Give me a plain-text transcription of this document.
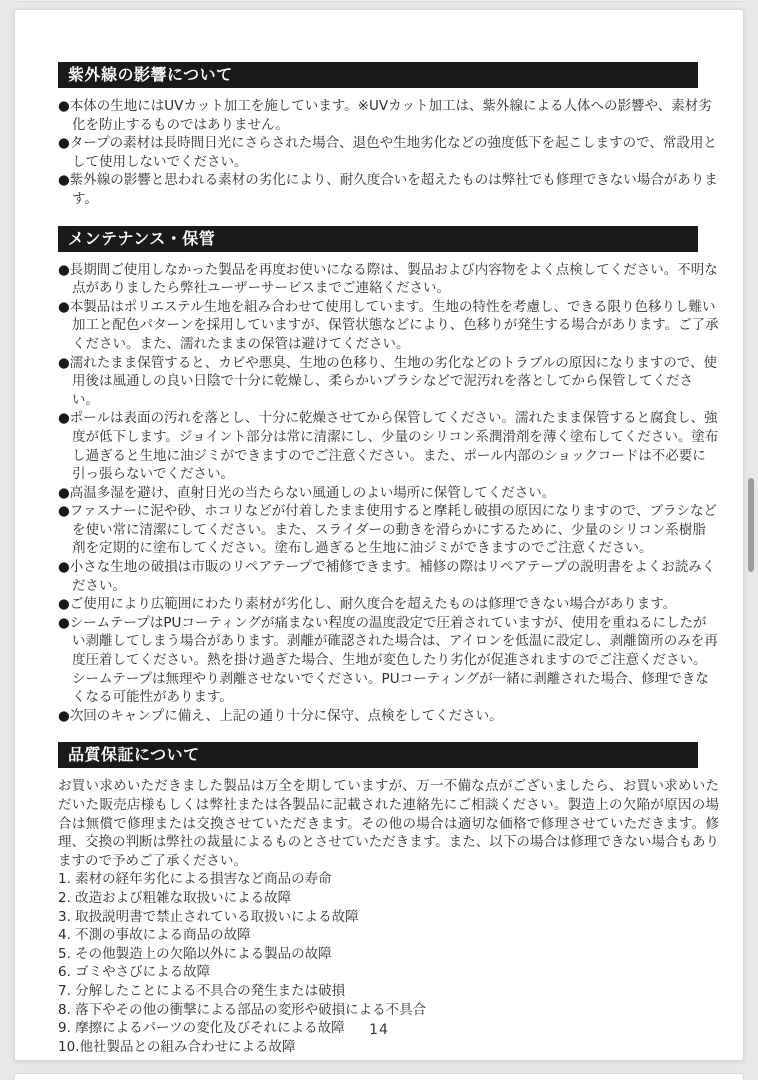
紫外線の影響について
●本体の生地にはUVカット加工を施しています。※UVカット加工は、紫外線による人体への影響や、素材劣化を防止するものではありません。
●タープの素材は長時間日光にさらされた場合、退色や生地劣化などの強度低下を起こしますので、常設用として使用しないでください。
●紫外線の影響と思われる素材の劣化により、耐久度合いを超えたものは弊社でも修理できない場合があります。
メンテナンス・保管
●長期間ご使用しなかった製品を再度お使いになる際は、製品および内容物をよく点検してください。不明な点がありましたら弊社ユーザーサービスまでご連絡ください。
●本製品はポリエステル生地を組み合わせて使用しています。生地の特性を考慮し、できる限り色移りし難い加工と配色パターンを採用していますが、保管状態などにより、色移りが発生する場合があります。ご了承ください。また、濡れたままの保管は避けてください。
●濡れたまま保管すると、カビや悪臭、生地の色移り、生地の劣化などのトラブルの原因になりますので、使用後は風通しの良い日陰で十分に乾燥し、柔らかいブラシなどで泥汚れを落としてから保管してください。
●ポールは表面の汚れを落とし、十分に乾燥させてから保管してください。濡れたまま保管すると腐食し、強度が低下します。ジョイント部分は常に清潔にし、少量のシリコン系潤滑剤を薄く塗布してください。塗布し過ぎると生地に油ジミができますのでご注意ください。また、ポール内部のショックコードは不必要に引っ張らないでください。
●高温多湿を避け、直射日光の当たらない風通しのよい場所に保管してください。
●ファスナーに泥や砂、ホコリなどが付着したまま使用すると摩耗し破損の原因になりますので、ブラシなどを使い常に清潔にしてください。また、スライダーの動きを滑らかにするために、少量のシリコン系樹脂剤を定期的に塗布してください。塗布し過ぎると生地に油ジミができますのでご注意ください。
●小さな生地の破損は市販のリペアテープで補修できます。補修の際はリペアテープの説明書をよくお読みください。
●ご使用により広範囲にわたり素材が劣化し、耐久度合を超えたものは修理できない場合があります。
●シームテープはPUコーティングが痛まない程度の温度設定で圧着されていますが、使用を重ねるにしたがい剥離してしまう場合があります。剥離が確認された場合は、アイロンを低温に設定し、剥離箇所のみを再度圧着してください。熱を掛け過ぎた場合、生地が変色したり劣化が促進されますのでご注意ください。シームテープは無理やり剥離させないでください。PUコーティングが一緒に剥離された場合、修理できなくなる可能性があります。
●次回のキャンプに備え、上記の通り十分に保守、点検をしてください。
品質保証について

お買い求めいただきました製品は万全を期していますが、万一不備な点がございましたら、お買い求めいただいた販売店様もしくは弊社または各製品に記載された連絡先にご相談ください。製造上の欠陥が原因の場合は無償で修理または交換させていただきます。その他の場合は適切な価格で修理させていただきます。修理、交換の判断は弊社の裁量によるものとさせていただきます。また、以下の場合は修理できない場合もありますので予めご了承ください。

1. 素材の経年劣化による損害など商品の寿命
2. 改造および粗雑な取扱いによる故障
3. 取扱説明書で禁止されている取扱いによる故障
4. 不測の事故による商品の故障
5. その他製造上の欠陥以外による製品の故障
6. ゴミやさびによる故障
7. 分解したことによる不具合の発生または破損
8. 落下やその他の衝撃による部品の変形や破損による不具合
9. 摩擦によるパーツの変化及びそれによる故障
10.他社製品との組み合わせによる故障
14
